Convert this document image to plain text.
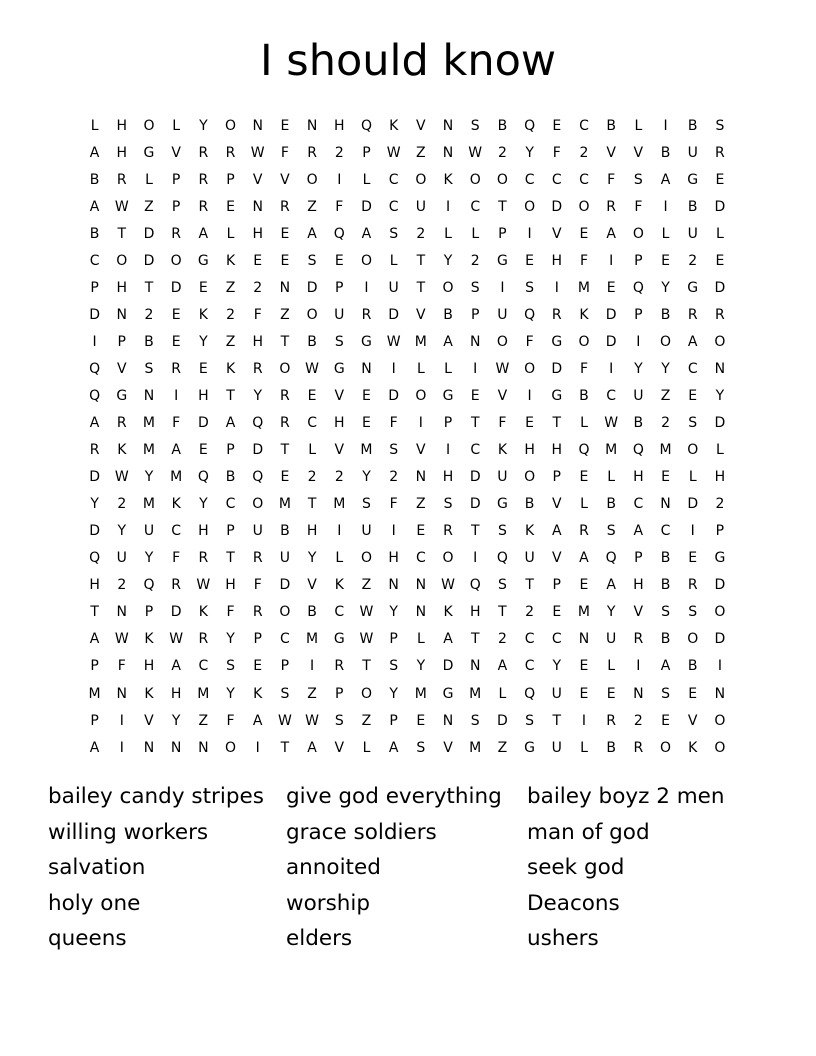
I should know
L	H	O	L	Y	O	N	E	N	H	Q	K	V	N	S	B	Q	E	C	B	L	I	B	S
A	H	G	V	R	R	W	F	R	2	P	W	Z	N	W	2	Y	F	2	V	V	B	U	R
B	R	L	P	R	P	V	V	O	I	L	C	O	K	O	O	C	C	C	F	S	A	G	E
A	W	Z	P	R	E	N	R	Z	F	D	C	U	I	C	T	O	D	O	R	F	I	B	D
B	T	D	R	A	L	H	E	A	Q	A	S	2	L	L	P	I	V	E	A	O	L	U	L
C	O	D	O	G	K	E	E	S	E	O	L	T	Y	2	G	E	H	F	I	P	E	2	E
P	H	T	D	E	Z	2	N	D	P	I	U	T	O	S	I	S	I	M	E	Q	Y	G	D
D	N	2	E	K	2	F	Z	O	U	R	D	V	B	P	U	Q	R	K	D	P	B	R	R
I	P	B	E	Y	Z	H	T	B	S	G	W	M	A	N	O	F	G	O	D	I	O	A	O
Q	V	S	R	E	K	R	O	W	G	N	I	L	L	I	W	O	D	F	I	Y	Y	C	N
Q	G	N	I	H	T	Y	R	E	V	E	D	O	G	E	V	I	G	B	C	U	Z	E	Y
A	R	M	F	D	A	Q	R	C	H	E	F	I	P	T	F	E	T	L	W	B	2	S	D
R	K	M	A	E	P	D	T	L	V	M	S	V	I	C	K	H	H	Q	M	Q	M	O	L
D	W	Y	M	Q	B	Q	E	2	2	Y	2	N	H	D	U	O	P	E	L	H	E	L	H
Y	2	M	K	Y	C	O	M	T	M	S	F	Z	S	D	G	B	V	L	B	C	N	D	2
D	Y	U	C	H	P	U	B	H	I	U	I	E	R	T	S	K	A	R	S	A	C	I	P
Q	U	Y	F	R	T	R	U	Y	L	O	H	C	O	I	Q	U	V	A	Q	P	B	E	G
H	2	Q	R	W	H	F	D	V	K	Z	N	N	W	Q	S	T	P	E	A	H	B	R	D
T	N	P	D	K	F	R	O	B	C	W	Y	N	K	H	T	2	E	M	Y	V	S	S	O
A	W	K	W	R	Y	P	C	M	G	W	P	L	A	T	2	C	C	N	U	R	B	O	D
P	F	H	A	C	S	E	P	I	R	T	S	Y	D	N	A	C	Y	E	L	I	A	B	I
M	N	K	H	M	Y	K	S	Z	P	O	Y	M	G	M	L	Q	U	E	E	N	S	E	N
P	I	V	Y	Z	F	A	W W	S	Z	P	E	N	S	D	S	T	I	R	2	E	V	O
A	I	N	N	N	O	I	T	A	V	L	A	S	V	M	Z	G	U	L	B	R	O	K	O
bailey candy stripes
willing workers
salvation
holy one
queens
give god everything
grace soldiers
annoited
worship
elders
bailey boyz 2 men
man of god
seek god
Deacons
ushers
